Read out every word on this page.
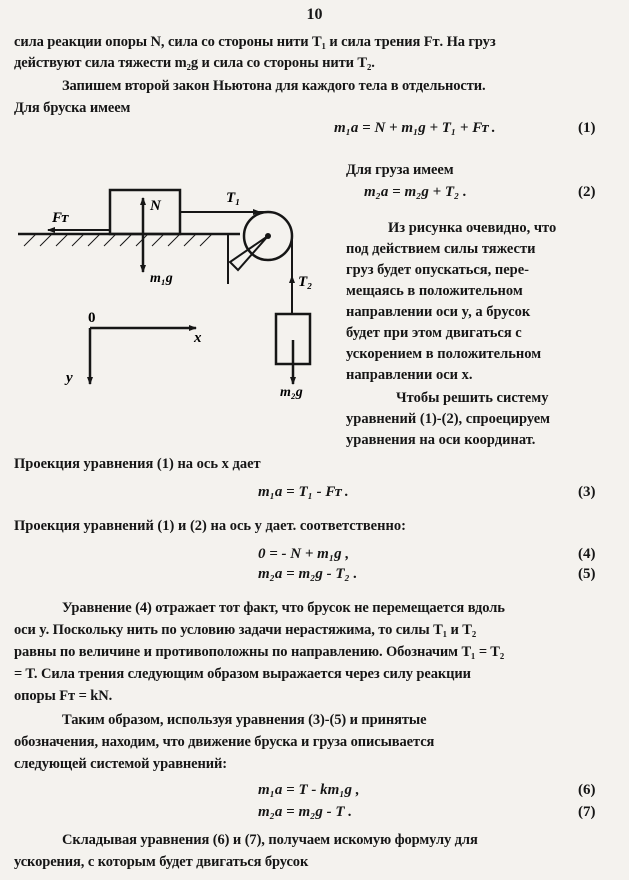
10
сила реакции опоры N, сила со стороны нити T₁ и сила трения Fᴛ. На груз
действуют сила тяжести m₂g и сила со стороны нити T₂.
Запишем второй закон Ньютона для каждого тела в отдельности.
Для бруска имеем
m₁a = N + m₁g + T₁ + Fᴛ .	(1)
Для груза имеем
m₂a = m₂g + T₂ .	(2)
Из рисунка очевидно, что
под действием силы тяжести
груз будет опускаться, пере-
мещаясь в положительном
направлении оси y, а брусок
будет при этом двигаться с
ускорением в положительном
направлении оси x.
Чтобы решить систему
уравнений (1)-(2), спроецируем
уравнения на оси координат.
N
m₁g
Fᴛ
T₁
T₂
m₂g
0
x
y
Проекция уравнения (1) на ось x дает
m₁a = T₁ - Fᴛ .	(3)
Проекция уравнений (1) и (2) на ось y дает. соответственно:
0 = - N + m₁g ,	(4)
m₂a = m₂g - T₂ .	(5)
Уравнение (4) отражает тот факт, что брусок не перемещается вдоль
оси y. Поскольку нить по условию задачи нерастяжима, то силы T₁ и T₂
равны по величине и противоположны по направлению. Обозначим T₁ = T₂
= T. Сила трения следующим образом выражается через силу реакции
опоры Fᴛ = kN.
Таким образом, используя уравнения (3)-(5) и принятые
обозначения, находим, что движение бруска и груза описывается
следующей системой уравнений:
m₁a = T - km₁g ,	(6)
m₂a = m₂g - T .	(7)
Складывая уравнения (6) и (7), получаем искомую формулу для
ускорения, с которым будет двигаться брусок
